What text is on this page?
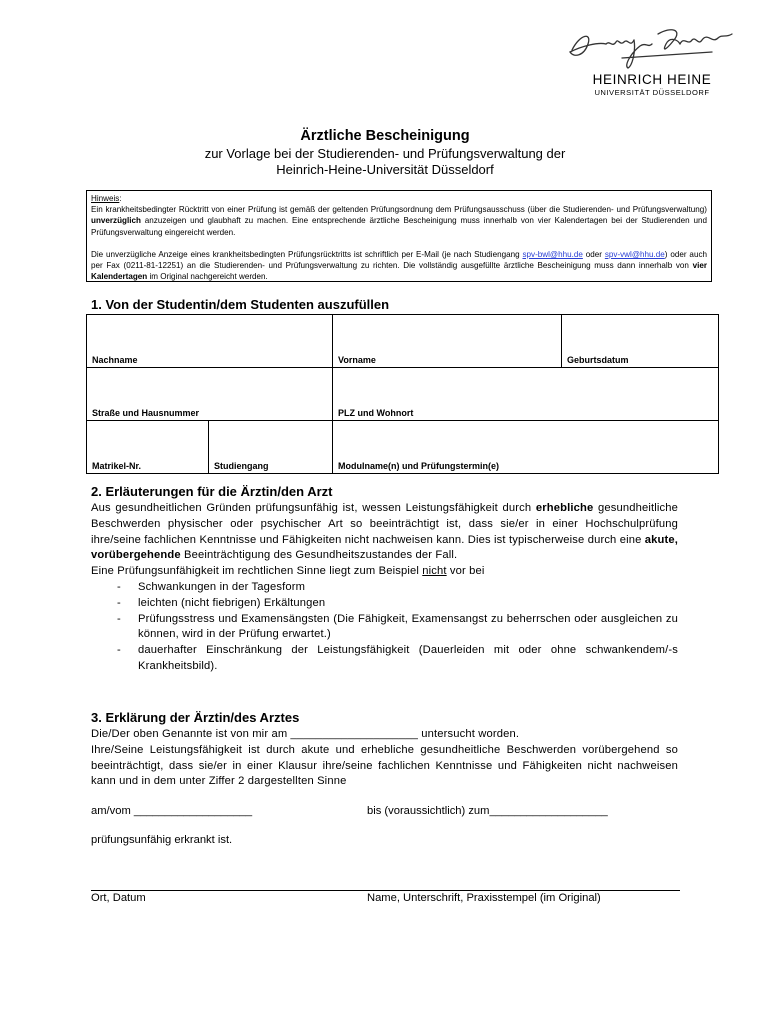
HEINRICH HEINE
UNIVERSITÄT DÜSSELDORF
Ärztliche Bescheinigung
zur Vorlage bei der Studierenden- und Prüfungsverwaltung der
Heinrich-Heine-Universität Düsseldorf

Hinweis:

Ein krankheitsbedingter Rücktritt von einer Prüfung ist gemäß der geltenden Prüfungsordnung dem Prüfungsausschuss (über die Studierenden- und Prüfungsverwaltung) unverzüglich anzuzeigen und glaubhaft zu machen. Eine entsprechende ärztliche Bescheinigung muss innerhalb von vier Kalendertagen bei der Studierenden und Prüfungsverwaltung eingereicht werden.

Die unverzügliche Anzeige eines krankheitsbedingten Prüfungsrücktritts ist schriftlich per E-Mail (je nach Studiengang spv-bwl@hhu.de oder spv-vwl@hhu.de) oder auch per Fax (0211-81-12251) an die Studierenden- und Prüfungsverwaltung zu richten. Die vollständig ausgefüllte ärztliche Bescheinigung muss dann innerhalb von vier Kalendertagen im Original nachgereicht werden.

1. Von der Studentin/dem Studenten auszufüllen
Nachname		Vorname	Geburtsdatum

Straße und Hausnummer		PLZ und Wohnort	

Matrikel-Nr.	Studiengang	Modulname(n) und Prüfungstermin(e)	
2. Erläuterungen für die Ärztin/den Arzt

Aus gesundheitlichen Gründen prüfungsunfähig ist, wessen Leistungsfähigkeit durch erhebliche gesundheitliche Beschwerden physischer oder psychischer Art so beeinträchtigt ist, dass sie/er in einer Hochschulprüfung ihre/seine fachlichen Kenntnisse und Fähigkeiten nicht nachweisen kann. Dies ist typischerweise durch eine akute, vorübergehende Beeinträchtigung des Gesundheitszustandes der Fall.

Eine Prüfungsunfähigkeit im rechtlichen Sinne liegt zum Beispiel nicht vor bei

- Schwankungen in der Tagesform
- leichten (nicht fiebrigen) Erkältungen
- Prüfungsstress und Examensängsten (Die Fähigkeit, Examensangst zu beherrschen oder ausgleichen zu können, wird in der Prüfung erwartet.)
- dauerhafter Einschränkung der Leistungsfähigkeit (Dauerleiden mit oder ohne schwankendem/-s Krankheitsbild).
3. Erklärung der Ärztin/des Arztes

Die/Der oben Genannte ist von mir am ____________________ untersucht worden.

Ihre/Seine Leistungsfähigkeit ist durch akute und erhebliche gesundheitliche Beschwerden vorübergehend so beeinträchtigt, dass sie/er in einer Klausur ihre/seine fachlichen Kenntnisse und Fähigkeiten nicht nachweisen kann und in dem unter Ziffer 2 dargestellten Sinne

am/vom ___________________	bis (voraussichtlich) zum___________________
prüfungsunfähig erkrankt ist.
Ort, Datum	Name, Unterschrift, Praxisstempel (im Original)
